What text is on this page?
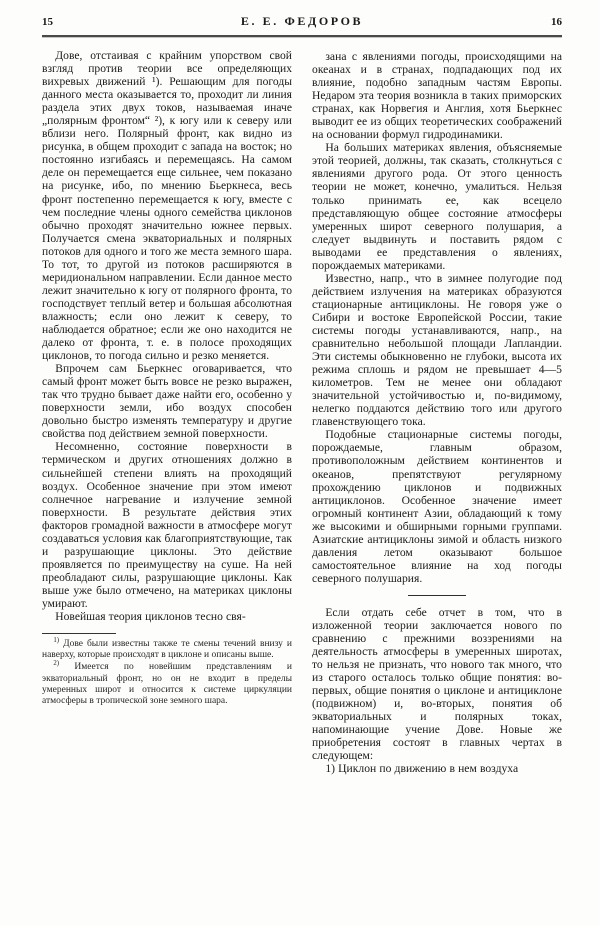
15	Е. Е. ФЕДОРОВ	16

Дове, отстаивая с крайним упорством свой взгляд против теории все определяющих вихревых движений ¹). Решающим для погоды данного места оказывается то, проходит ли линия раздела этих двух токов, называемая иначе „полярным фронтом“ ²), к югу или к северу или вблизи него. Полярный фронт, как видно из рисунка, в общем проходит с запада на восток; но постоянно изгибаясь и перемещаясь. На самом деле он перемещается еще сильнее, чем показано на рисунке, ибо, по мнению Бьеркнеса, весь фронт постепенно перемещается к югу, вместе с чем последние члены одного семейства циклонов обычно проходят значительно южнее первых. Получается смена экваториальных и полярных потоков для одного и того же места земного шара. То тот, то другой из потоков расширяются в меридиональном направлении. Если данное место лежит значительно к югу от полярного фронта, то господствует теплый ветер и большая абсолютная влажность; если оно лежит к северу, то наблюдается обратное; если же оно находится не далеко от фронта, т. е. в полосе проходящих циклонов, то погода сильно и резко меняется.

Впрочем сам Бьеркнес оговаривается, что самый фронт может быть вовсе не резко выражен, так что трудно бывает даже найти его, особенно у поверхности земли, ибо воздух способен довольно быстро изменять температуру и другие свойства под действием земной поверхности.

Несомненно, состояние поверхности в термическом и других отношениях должно в сильнейшей степени влиять на проходящий воздух. Особенное значение при этом имеют солнечное нагревание и излучение земной поверхности. В результате действия этих факторов громадной важности в атмосфере могут создаваться условия как благоприятствующие, так и разрушающие циклоны. Это действие проявляется по преимуществу на суше. На ней преобладают силы, разрушающие циклоны. Как выше уже было отмечено, на материках циклоны умирают.

Новейшая теория циклонов тесно свя-

$^{1)}$ Дове были известны также те смены течений внизу и наверху, которые происходят в циклоне и описаны выше.

$^{2)}$ Имеется по новейшим представлениям и экваториальный фронт, но он не входит в пределы умеренных широт и относится к системе циркуляции атмосферы в тропической зоне земного шара.

зана с явлениями погоды, происходящими на океанах и в странах, подпадающих под их влияние, подобно западным частям Европы. Недаром эта теория возникла в таких приморских странах, как Норвегия и Англия, хотя Бьеркнес выводит ее из общих теоретических соображений на основании формул гидродинамики.

На больших материках явления, объясняемые этой теорией, должны, так сказать, столкнуться с явлениями другого рода. От этого ценность теории не может, конечно, умалиться. Нельзя только принимать ее, как всецело представляющую общее состояние атмосферы умеренных широт северного полушария, а следует выдвинуть и поставить рядом с выводами ее представления о явлениях, порождаемых материками.

Известно, напр., что в зимнее полугодие под действием излучения на материках образуются стационарные антициклоны. Не говоря уже о Сибири и востоке Европейской России, такие системы погоды устанавливаются, напр., на сравнительно небольшой площади Лапландии. Эти системы обыкновенно не глубоки, высота их режима сплошь и рядом не превышает 4—5 километров. Тем не менее они обладают значительной устойчивостью и, по-видимому, нелегко поддаются действию того или другого главенствующего тока.

Подобные стационарные системы погоды, порождаемые, главным образом, противоположным действием континентов и океанов, препятствуют регулярному прохождению циклонов и подвижных антициклонов. Особенное значение имеет огромный континент Азии, обладающий к тому же высокими и обширными горными группами. Азиатские антициклоны зимой и область низкого давления летом оказывают большое самостоятельное влияние на ход погоды северного полушария.

Если отдать себе отчет в том, что в изложенной теории заключается нового по сравнению с прежними воззрениями на деятельность атмосферы в умеренных широтах, то нельзя не признать, что нового так много, что из старого осталось только общие понятия: во-первых, общие понятия о циклоне и антициклоне (подвижном) и, во-вторых, понятия об экваториальных и полярных токах, напоминающие учение Дове. Новые же приобретения состоят в главных чертах в следующем:

1) Циклон по движению в нем воздуха
